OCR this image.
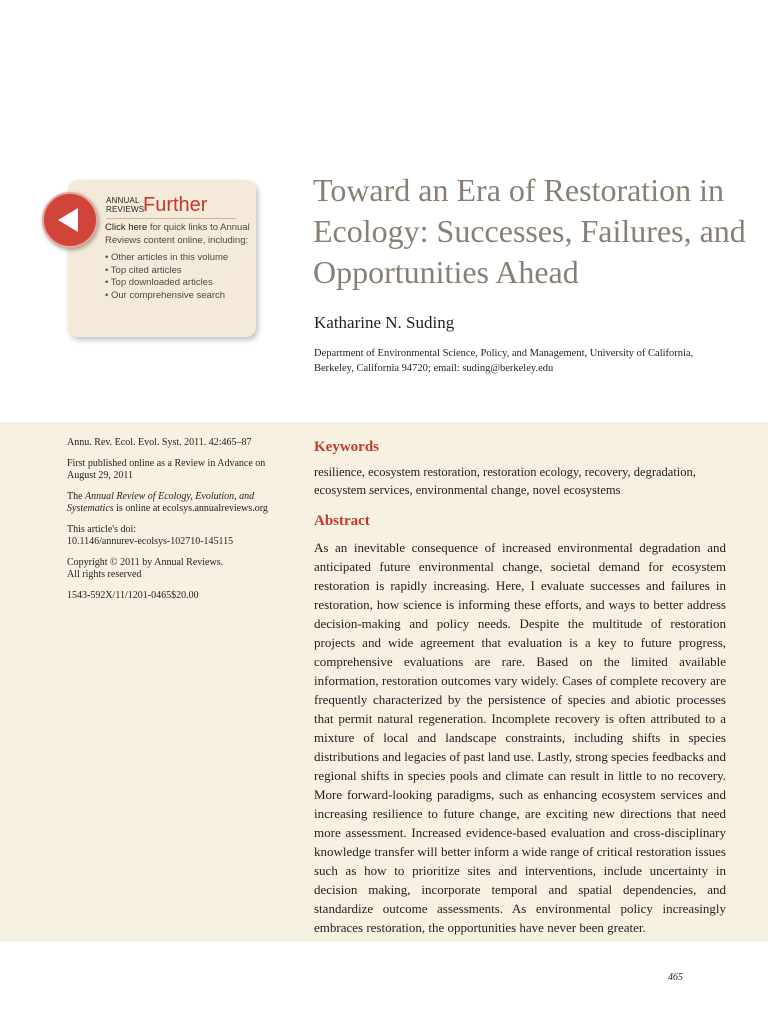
ANNUAL
REVIEWS
Further
Click here for quick links to Annual Reviews content online, including:
• Other articles in this volume
• Top cited articles
• Top downloaded articles
• Our comprehensive search
Toward an Era of Restoration in Ecology: Successes, Failures, and Opportunities Ahead
Katharine N. Suding
Department of Environmental Science, Policy, and Management, University of California, Berkeley, California 94720; email: suding@berkeley.edu

Annu. Rev. Ecol. Evol. Syst. 2011. 42:465–87

First published online as a Review in Advance on August 29, 2011

The Annual Review of Ecology, Evolution, and Systematics is online at ecolsys.annualreviews.org

This article's doi:
10.1146/annurev-ecolsys-102710-145115

Copyright © 2011 by Annual Reviews.
All rights reserved

1543-592X/11/1201-0465$20.00

Keywords
resilience, ecosystem restoration, restoration ecology, recovery, degradation, ecosystem services, environmental change, novel ecosystems
Abstract

As an inevitable consequence of increased environmental degradation and anticipated future environmental change, societal demand for ecosystem restoration is rapidly increasing. Here, I evaluate successes and failures in restoration, how science is informing these efforts, and ways to better address decision-making and policy needs. Despite the multitude of restoration projects and wide agreement that evaluation is a key to future progress, comprehensive evaluations are rare. Based on the limited available information, restoration outcomes vary widely. Cases of complete recovery are frequently characterized by the persistence of species and abiotic processes that permit natural regeneration. Incomplete recovery is often attributed to a mixture of local and landscape constraints, including shifts in species distributions and legacies of past land use. Lastly, strong species feedbacks and regional shifts in species pools and climate can result in little to no recovery. More forward-looking paradigms, such as enhancing ecosystem services and increasing resilience to future change, are exciting new directions that need more assessment. Increased evidence-based evaluation and cross-disciplinary knowledge transfer will better inform a wide range of critical restoration issues such as how to prioritize sites and interventions, include uncertainty in decision making, incorporate temporal and spatial dependencies, and standardize outcome assessments. As environmental policy increasingly embraces restoration, the opportunities have never been greater.

465
